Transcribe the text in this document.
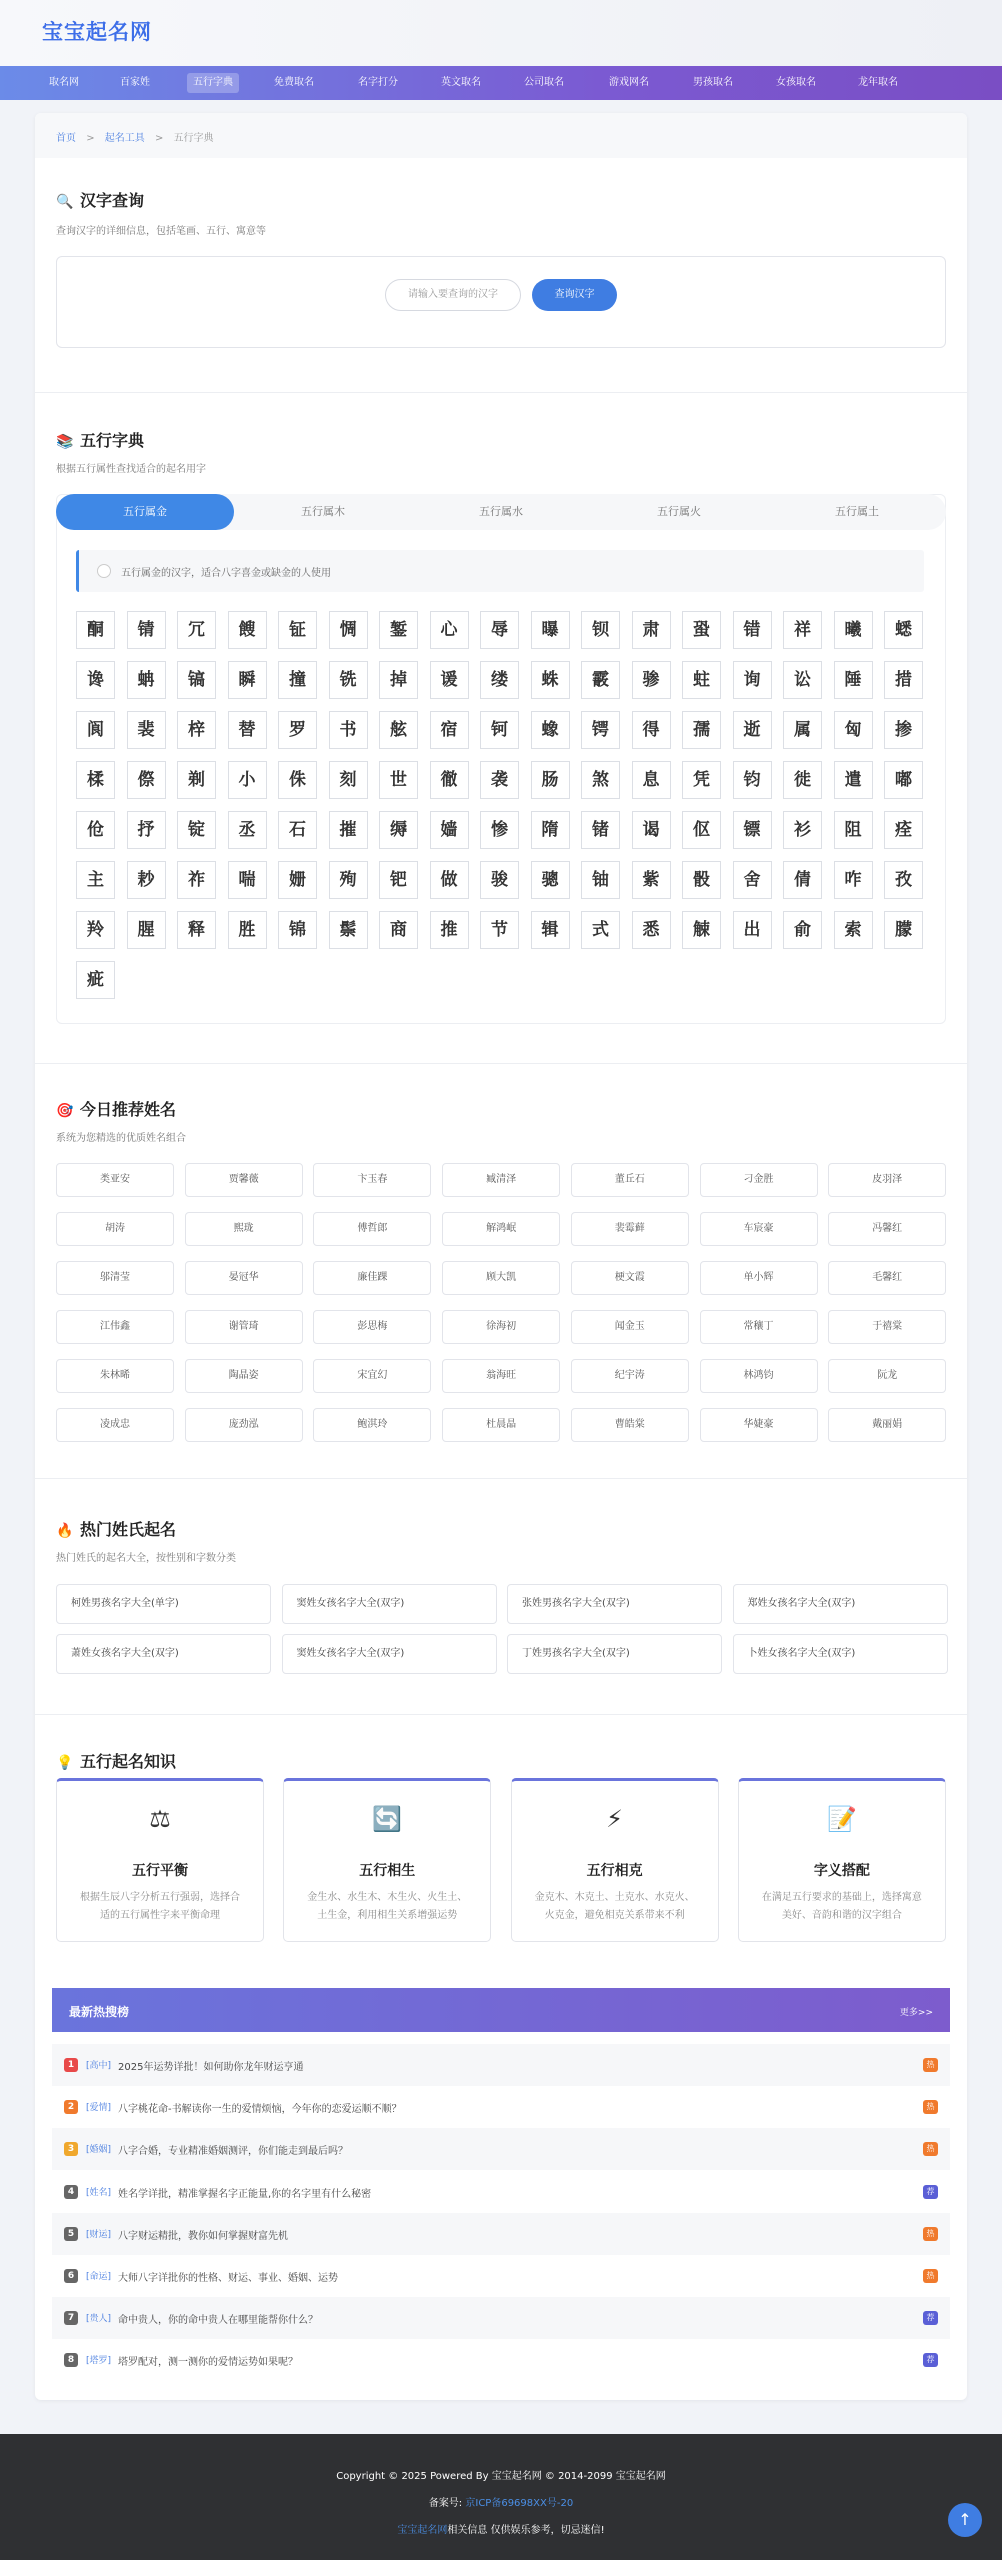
宝宝起名网
取名网	百家姓	五行字典	免费取名	名字打分	英文取名	公司取名	游戏网名	男孩取名	女孩取名	龙年取名
首页 > 起名工具 > 五行字典
🔍 汉字查询
查询汉字的详细信息，包括笔画、五行、寓意等
请输入要查询的汉字	查询汉字
📚 五行字典
根据五行属性查找适合的起名用字
五行属金	五行属木	五行属水	五行属火	五行属土
五行属金的汉字，适合八字喜金或缺金的人使用
酮	锖	冗	餿	钲	惆	錾	心	辱	曝	钡	肃	蛩	错	祥	曦	蟋
谗	蚺	镐	瞬	撞	铣	掉	谖	缕	蛛	霰	骖	蛀	询	讼	陲	措
阆	裴	梓	替	罗	书	舷	宿	钶	蟓	锷	得	孺	逝	属	匈	掺
楺	傺	剃	小	侏	刻	世	徹	袭	肠	煞	息	凭	钧	徙	遣	嘟
伧	抒	锭	丞	石	摧	缛	嫱	惨	隋	锗	谒	伛	镖	衫	阻	痊
主	耖	祚	喘	姗	殉	钯	做	骏	骢	铀	紫	骰	舍	倩	咋	孜
羚	腥	释	胜	锦	鬃	商	推	节	辑	式	悉	觫	出	俞	索	朦
疵
🎯 今日推荐姓名
系统为您精选的优质姓名组合
类亚安	贾馨薇	卞玉春	臧清泽	董丘石	刁金胜	皮羽泽
胡涛	熙珑	傅哲郎	解鸿岷	裴霉藓	车宸豪	冯馨红
邬清莹	晏冠华	廉佳踝	顾大凯	梗文霞	单小辉	毛馨红
江伟鑫	谢管琦	彭思梅	徐海初	闻金玉	常穰丁	于禧棠
朱林晞	陶晶姿	宋宜幻	翁海旺	纪宇涛	林鸿钧	阮龙
凌成忠	庞劲泓	鲍淇玲	杜晨晶	曹皓棠	华婕豪	戴丽娟
🔥 热门姓氏起名
热门姓氏的起名大全，按性别和字数分类
柯姓男孩名字大全(单字)	窦姓女孩名字大全(双字)	张姓男孩名字大全(双字)	郑姓女孩名字大全(双字)
萧姓女孩名字大全(双字)	窦姓女孩名字大全(双字)	丁姓男孩名字大全(双字)	卜姓女孩名字大全(双字)
💡 五行起名知识
⚖
五行平衡
根据生辰八字分析五行强弱，选择合适的五行属性字来平衡命理
🔄
五行相生
金生水、水生木、木生火、火生土、土生金，利用相生关系增强运势
⚡
五行相克
金克木、木克土、土克水、水克火、火克金，避免相克关系带来不利
📝
字义搭配
在满足五行要求的基础上，选择寓意美好、音韵和谐的汉字组合
最新热搜榜	更多>>
1	[高中] 2025年运势详批！如何助你龙年财运亨通	热
2	[爱情] 八字桃花命-书解读你一生的爱情烦恼，今年你的恋爱运顺不顺？	热
3	[婚姻] 八字合婚，专业精准婚姻测评，你们能走到最后吗？	热
4	[姓名] 姓名学详批，精准掌握名字正能量,你的名字里有什么秘密	荐
5	[财运] 八字财运精批，教你如何掌握财富先机	热
6	[命运] 大师八字详批你的性格、财运、事业、婚姻、运势	热
7	[贵人] 命中贵人，你的命中贵人在哪里能帮你什么？	荐
8	[塔罗] 塔罗配对，测一测你的爱情运势如果呢？	荐
Copyright © 2025 Powered By 宝宝起名网 © 2014-2099 宝宝起名网
备案号: 京ICP备69698XX号-20
宝宝起名网相关信息 仅供娱乐参考，切忌迷信!
↑
